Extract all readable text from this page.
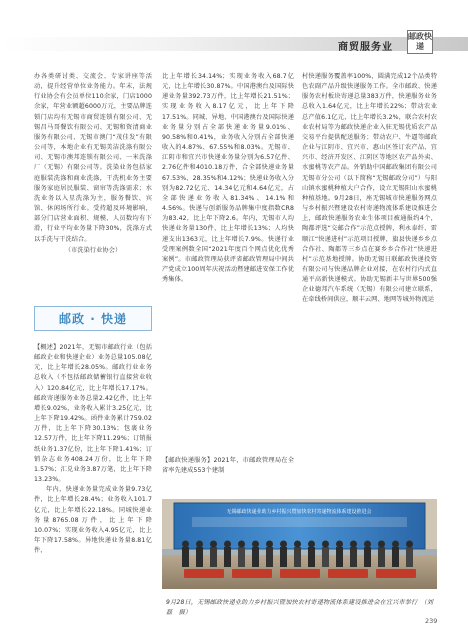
商贸服务业
邮政快递

办各类研讨类、交流会、专家讲座等活动，提升经营单位业务能力。年末，法规行业协会有会员单位110余家，门店1000余家，年营业额超6000万元，主要品牌连锁门店均有无锡市商贸连锁有限公司、无锡昌马哥餐饮有限公司、无锡和资清商业服务有限公司、无锡市澳门“茂佳发”有限公司等，本地企业有无锡美洁洗涤有限公司、无锡市澳邦连锁有限公司、一米洗涤厂（无锡）有限公司等。洗染业务包括家庭服装洗涤和商业洗涤，干洗机业务主要服务家庭居民服装、窗帘等洗涤需求；水洗业务以入星洗涤为主，服务餐饮、宾馆、休闲场所行业。受持超及环境影响，部分门店营业面积、规模、人员数均有下滑，行业平均业务量下降30%，洗涤方式以手洗与干洗结合。

（市洗染行业协会）

邮政 · 快递

【概述】2021年，无锡市邮政行业（包括邮政企业和快递企业）业务总量105.08亿元，比上年增长28.05%。邮政行业业务总收入（不包括邮政储蓄银行直接营业收入）120.84亿元，比上年增长17.17%。邮政寄递服务业务总量2.42亿件，比上年增长9.02%，业务收入累计3.25亿元，比上年下降19.42%。函件业务累计759.02万件，比上年下降30.13%；包裹业务12.57万件，比上年下降11.29%；订销报纸业务1.37亿份，比上年下降1.41%；订销杂志业务408.24万份，比上年下降1.57%；汇兑业务3.87万笔，比上年下降13.23%。

年内，快递业务量完成业务量9.73亿件，比上年增长28.4%；业务收入101.7亿元，比上年增长22.18%。同城快递业务量8765.08万件，比上年下降10.07%；实现业务收入4.95亿元，比上年下降17.58%。异地快递业务量8.81亿件，

比上年增长34.14%；实现业务收入68.7亿元，比上年增长30.87%。中国港澳台及国际快递业务量392.73万件，比上年增长21.51%；实现业务收入8.17亿元，比上年下降17.51%。同城、异地、中国港澳台及国际快递业务量分别占全部快递业务量9.01%、90.58%和0.41%，业务收入分别占全部快递收入的4.87%、67.55%和8.03%。无锡市、江阴市和宜兴市快递业务量分别为6.57亿件、2.76亿件和4010.18万件，合全部快递业务量67.53%、28.35%和4.12%；快递业务收入分别为82.72亿元、14.34亿元和4.64亿元，占全部快递业务收入81.34%、14.1%和4.56%。快递与创新服务品牌集中度指数CR8为83.42，比上年下降2.6。年内，无锡市人均快递业务量130件，比上年增长13%；人均快递支出1363元，比上年增长7.9%。快递行业受理案例数全国“2021年度百个网点优化优秀案例”。市邮政管理局获评省邮政管理局中间共产党成立100周年庆祝活动暨建邮进安保工作优秀集体。

【邮政快递服务】2021年，市邮政管理局在全省率先建成553个建制

村快递服务覆盖率100%，圆满完成12个品类特色农副产品升级快递服务工作。全市邮政、快递服务农村板块寄递总量383万件，快递服务业务总收入1.64亿元，比上年增长22%；带动农业总产值6.1亿元，比上年增长3.2%，联合农村农业农村局等为邮政快递企业入驻无锡优质农产品交易平台提供配送服务；带动农户、牛逼等邮政企业与江阴市、宜兴市、惠山区签订农产品、宜兴市、经济开发区、江阴区等地区农产品外卖、水蜜桃等农产品。外销助中国邮政集团有限公司无锡市分公司（以下简称“无锡邮政分司”）与阳山镇水蜜桃种植大户合作，设立无锡阳山水蜜桃种植基地。9月28日，座无锡城市快递服务网点与乡村振兴暨建设农村寄递物流体系建设推进会上，邮政快递服务农业生体项目被通报约4个，陶都评选“交邮合作”示范点授牌，利永泰纤、雷顺江“快递进村”示范项目授牌，旗县快递乡乡点合作社、陶都等三乡点在赛乡乡合作社“快递进村”示范基地授牌。协助无锡日联邮政快递投资有限公司与快递品牌企业对接，在农村行内式直通平高新快递模式。协助无锡新丰与世界500强企业德邦汽车系统（无锡）有限公司建立联系，在牵线桥间供应，顺丰云网、地网等城外物流运

无锡邮政快递业助力乡村振兴暨加快农村寄递物流体系建设推进会
9月28日，无锡邮政快递业助力乡村振兴暨加快农村寄递物流体系建设推进会在宜兴市举行　（刘　磊　摄）
239
